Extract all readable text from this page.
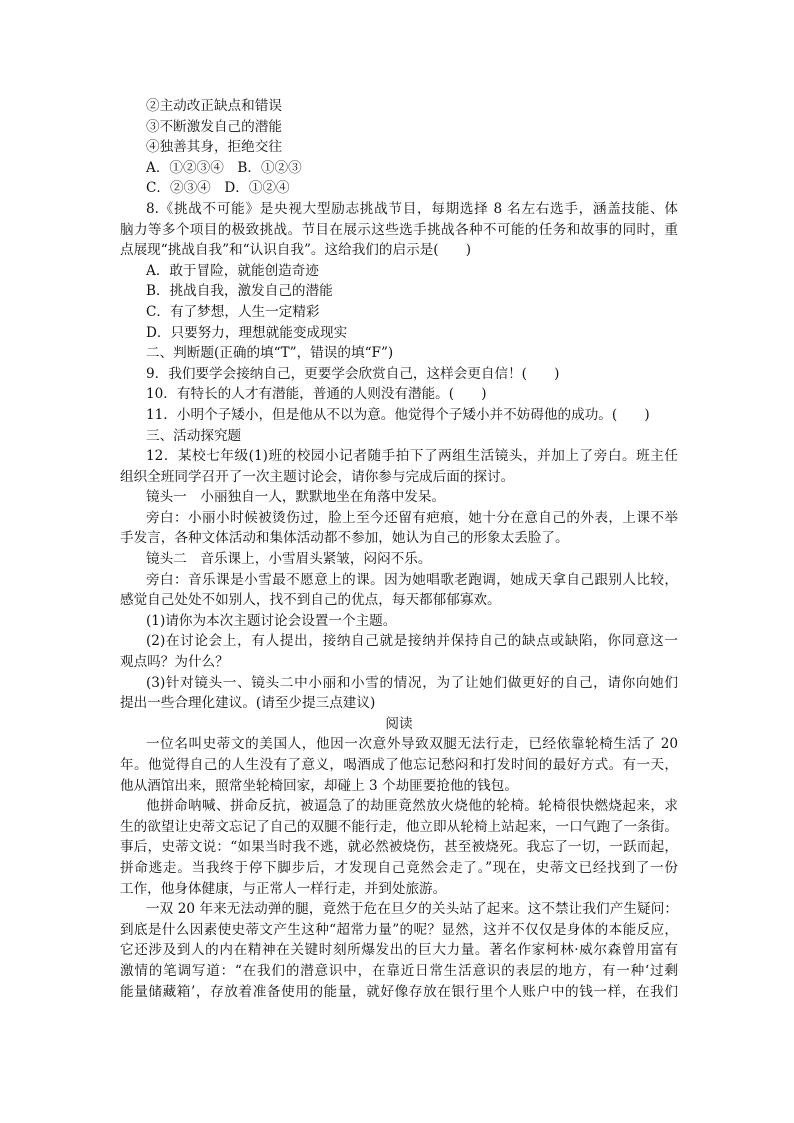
②主动改正缺点和错误
③不断激发自己的潜能
④独善其身，拒绝交往
A．①②③④　B．①②③
C．②③④　D．①②④
8.《挑战不可能》是央视大型励志挑战节目，每期选择 8 名左右选手，涵盖技能、体
脑力等多个项目的极致挑战。节目在展示这些选手挑战各种不可能的任务和故事的同时，重
点展现“挑战自我”和“认识自我”。这给我们的启示是(　　)
A．敢于冒险，就能创造奇迹
B．挑战自我，激发自己的潜能
C．有了梦想，人生一定精彩
D．只要努力，理想就能变成现实
二、判断题(正确的填“T”，错误的填“F”)
9．我们要学会接纳自己，更要学会欣赏自己，这样会更自信！(　　)
10．有特长的人才有潜能，普通的人则没有潜能。(　　)
11．小明个子矮小，但是他从不以为意。他觉得个子矮小并不妨碍他的成功。(　　)
三、活动探究题
12．某校七年级(1)班的校园小记者随手拍下了两组生活镜头，并加上了旁白。班主任
组织全班同学召开了一次主题讨论会，请你参与完成后面的探讨。
镜头一　小丽独自一人，默默地坐在角落中发呆。
旁白：小丽小时候被烫伤过，脸上至今还留有疤痕，她十分在意自己的外表，上课不举
手发言，各种文体活动和集体活动都不参加，她认为自己的形象太丢脸了。
镜头二　音乐课上，小雪眉头紧皱，闷闷不乐。
旁白：音乐课是小雪最不愿意上的课。因为她唱歌老跑调，她成天拿自己跟别人比较，
感觉自己处处不如别人，找不到自己的优点，每天都郁郁寡欢。
(1)请你为本次主题讨论会设置一个主题。
(2)在讨论会上，有人提出，接纳自己就是接纳并保持自己的缺点或缺陷，你同意这一
观点吗？为什么？
(3)针对镜头一、镜头二中小丽和小雪的情况，为了让她们做更好的自己，请你向她们
提出一些合理化建议。(请至少提三点建议)
阅读
一位名叫史蒂文的美国人，他因一次意外导致双腿无法行走，已经依靠轮椅生活了 20
年。他觉得自己的人生没有了意义，喝酒成了他忘记愁闷和打发时间的最好方式。有一天，
他从酒馆出来，照常坐轮椅回家，却碰上 3 个劫匪要抢他的钱包。
他拼命呐喊、拼命反抗，被逼急了的劫匪竟然放火烧他的轮椅。轮椅很快燃烧起来，求
生的欲望让史蒂文忘记了自己的双腿不能行走，他立即从轮椅上站起来，一口气跑了一条街。
事后，史蒂文说：“如果当时我不逃，就必然被烧伤，甚至被烧死。我忘了一切，一跃而起，
拼命逃走。当我终于停下脚步后，才发现自己竟然会走了。”现在，史蒂文已经找到了一份
工作，他身体健康，与正常人一样行走，并到处旅游。
一双 20 年来无法动弹的腿，竟然于危在旦夕的关头站了起来。这不禁让我们产生疑问：
到底是什么因素使史蒂文产生这种“超常力量”的呢？显然，这并不仅仅是身体的本能反应，
它还涉及到人的内在精神在关键时刻所爆发出的巨大力量。著名作家柯林·威尔森曾用富有
激情的笔调写道：“在我们的潜意识中，在靠近日常生活意识的表层的地方，有一种‘过剩
能量储藏箱’，存放着准备使用的能量，就好像存放在银行里个人账户中的钱一样，在我们
